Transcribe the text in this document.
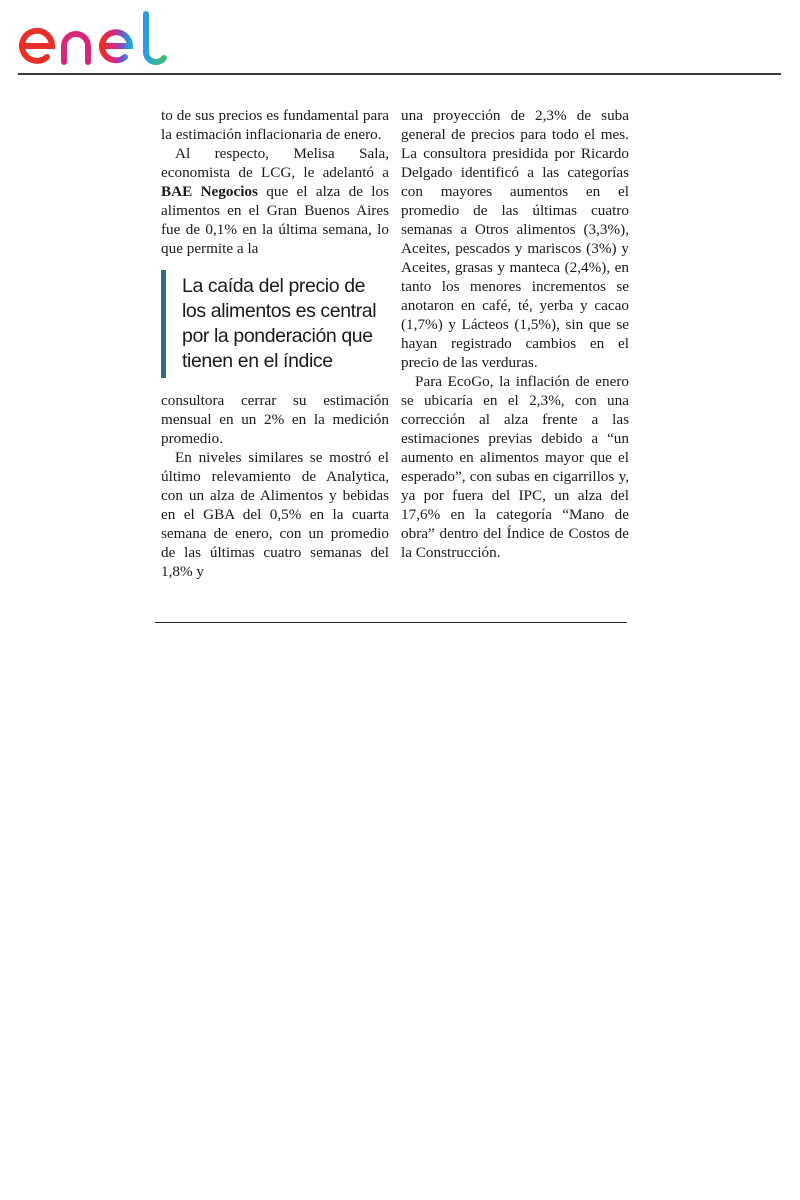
to de sus precios es fundamental para la estimación inflacionaria de enero.

Al respecto, Melisa Sala, economista de LCG, le adelantó a BAE Negocios que el alza de los alimentos en el Gran Buenos Aires fue de 0,1% en la última semana, lo que permite a la

La caída del precio de los alimentos es central por la ponderación que tienen en el índice

consultora cerrar su estimación mensual en un 2% en la medición promedio.

En niveles similares se mostró el último relevamiento de Analytica, con un alza de Alimentos y bebidas en el GBA del 0,5% en la cuarta semana de enero, con un promedio de las últimas cuatro semanas del 1,8% y

una proyección de 2,3% de suba general de precios para todo el mes. La consultora presidida por Ricardo Delgado identificó a las categorías con mayores aumentos en el promedio de las últimas cuatro semanas a Otros alimentos (3,3%), Aceites, pescados y mariscos (3%) y Aceites, grasas y manteca (2,4%), en tanto los menores incrementos se anotaron en café, té, yerba y cacao (1,7%) y Lácteos (1,5%), sin que se hayan registrado cambios en el precio de las verduras.

Para EcoGo, la inflación de enero se ubicaría en el 2,3%, con una corrección al alza frente a las estimaciones previas debido a “un aumento en alimentos mayor que el esperado”, con subas en cigarrillos y, ya por fuera del IPC, un alza del 17,6% en la categoría “Mano de obra” dentro del Índice de Costos de la Construcción.
